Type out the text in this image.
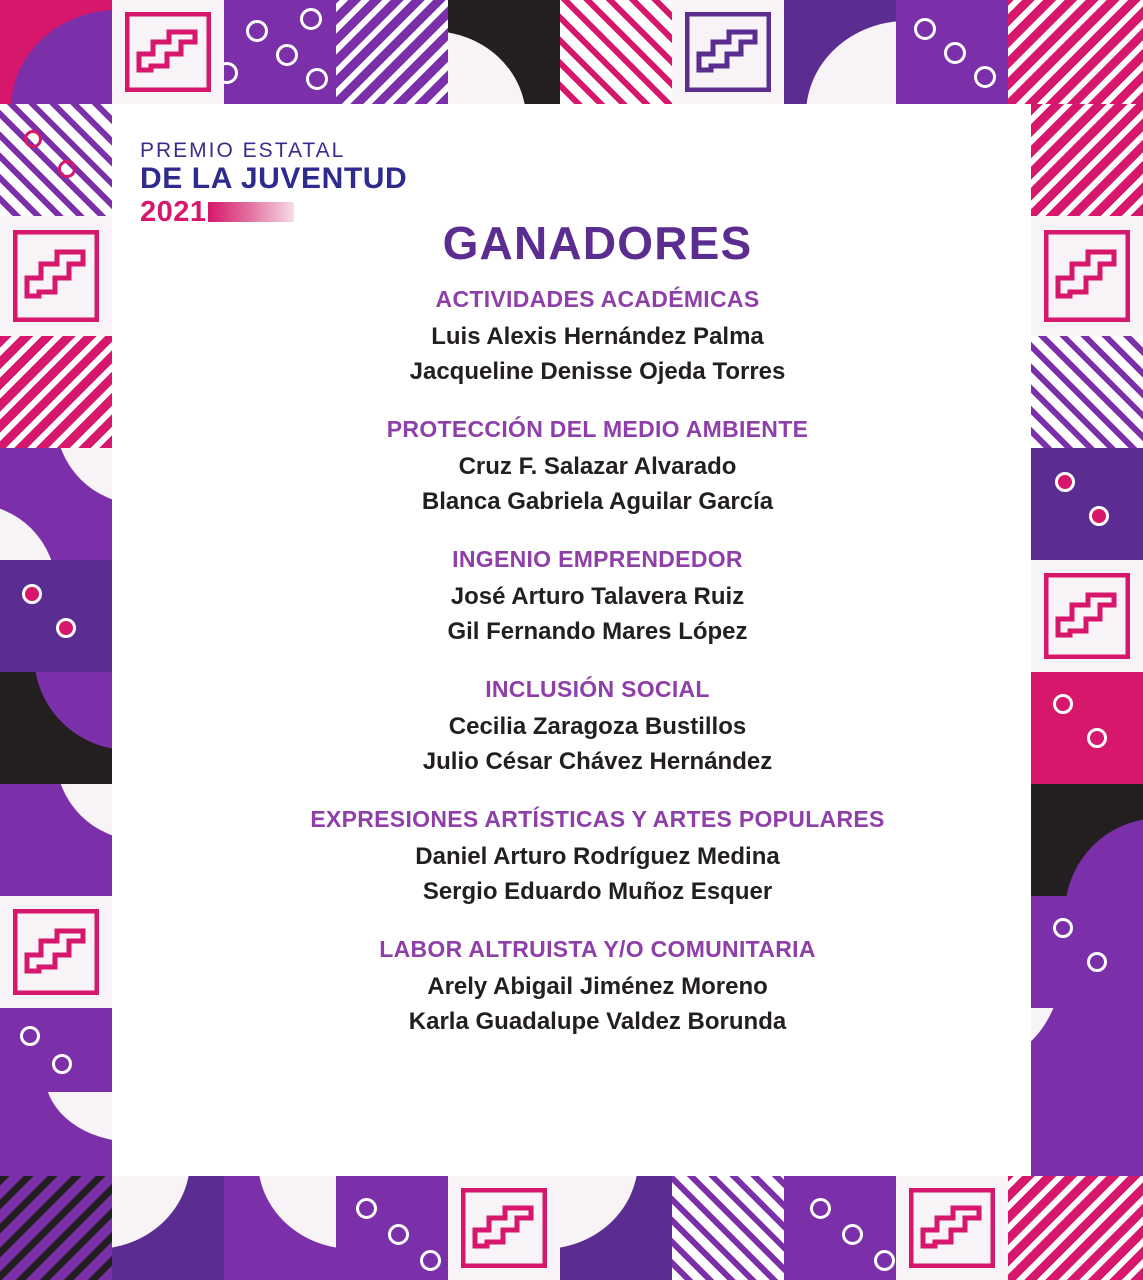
PREMIO ESTATAL
DE LA JUVENTUD
2021
GANADORES
ACTIVIDADES ACADÉMICAS
Luis Alexis Hernández Palma
Jacqueline Denisse Ojeda Torres
PROTECCIÓN DEL MEDIO AMBIENTE
Cruz F. Salazar Alvarado
Blanca Gabriela Aguilar García
INGENIO EMPRENDEDOR
José Arturo Talavera Ruiz
Gil Fernando Mares López
INCLUSIÓN SOCIAL
Cecilia Zaragoza Bustillos
Julio César Chávez Hernández
EXPRESIONES ARTÍSTICAS Y ARTES POPULARES
Daniel Arturo Rodríguez Medina
Sergio Eduardo Muñoz Esquer
LABOR ALTRUISTA Y/O COMUNITARIA
Arely Abigail Jiménez Moreno
Karla Guadalupe Valdez Borunda
